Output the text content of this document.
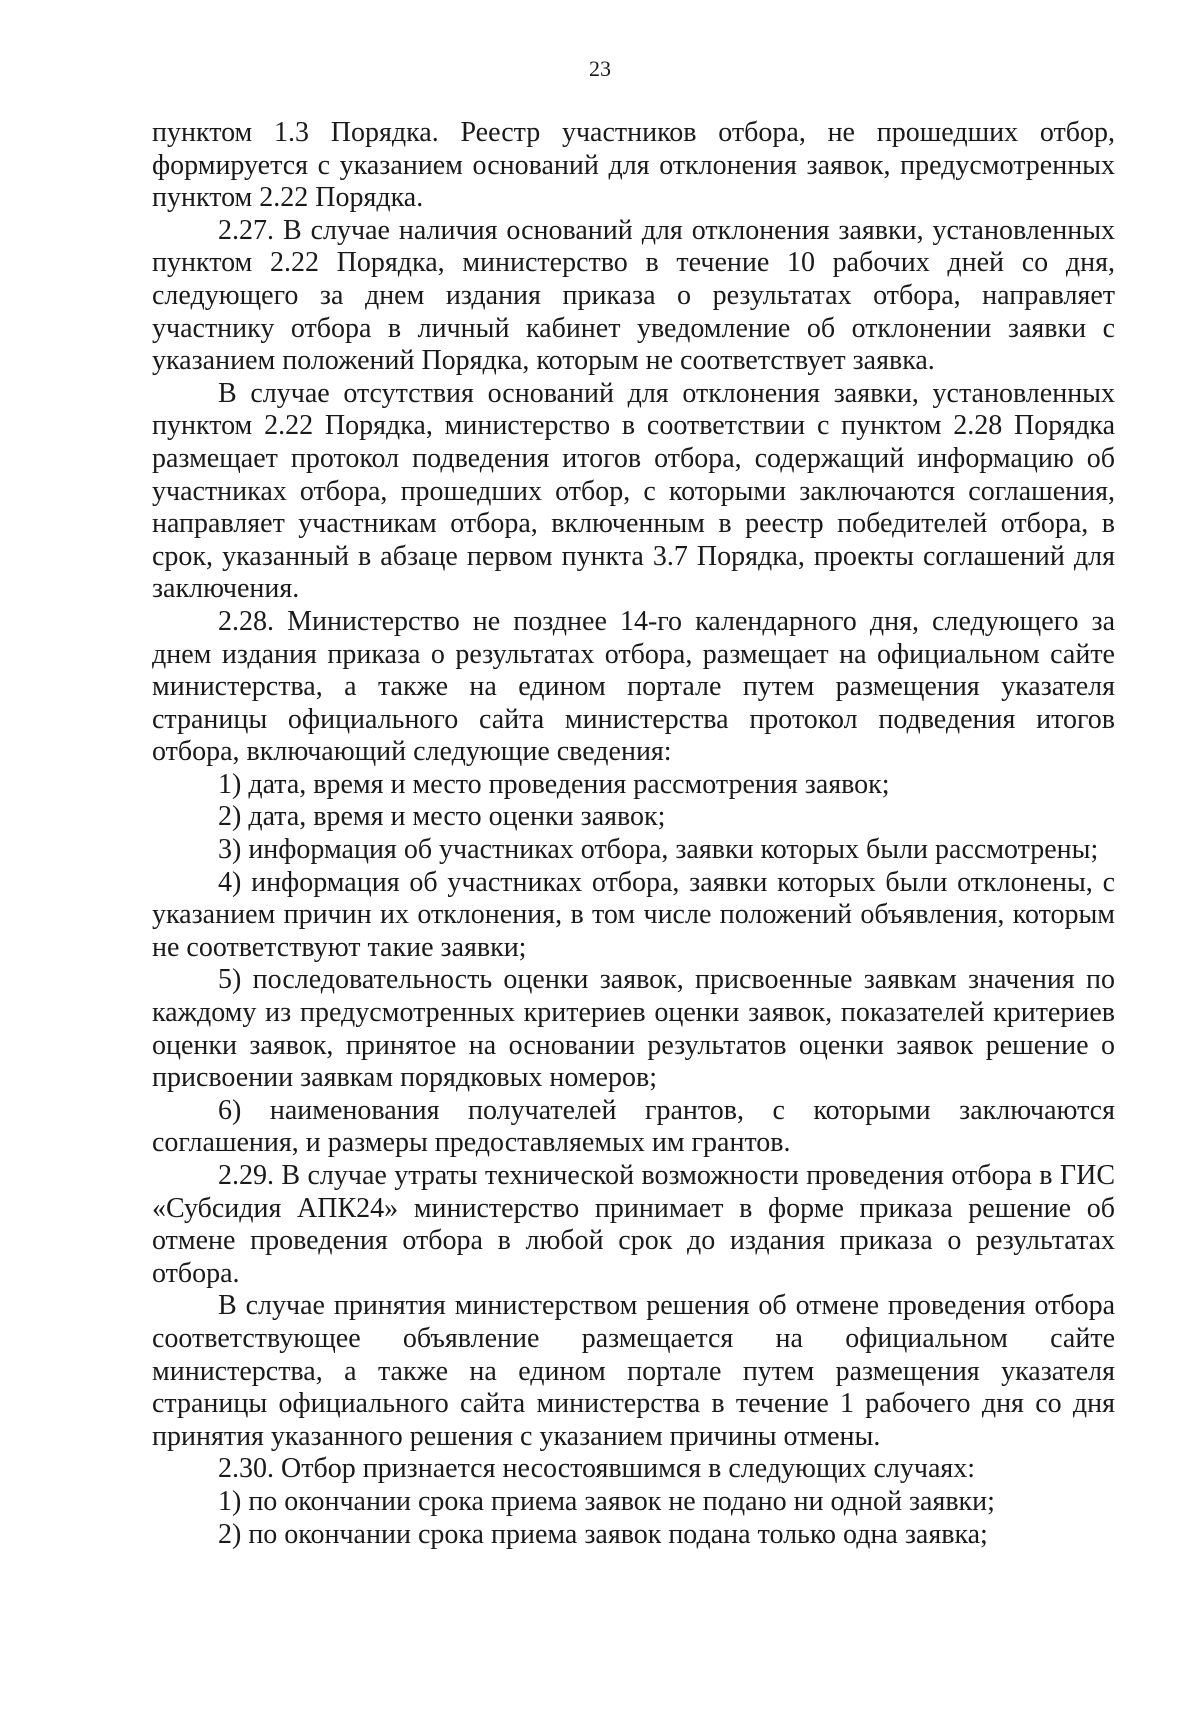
23

пунктом 1.3 Порядка. Реестр участников отбора, не прошедших отбор, формируется с указанием оснований для отклонения заявок, предусмотренных пунктом 2.22 Порядка.

2.27. В случае наличия оснований для отклонения заявки, установленных пунктом 2.22 Порядка, министерство в течение 10 рабочих дней со дня, следующего за днем издания приказа о результатах отбора, направляет участнику отбора в личный кабинет уведомление об отклонении заявки с указанием положений Порядка, которым не соответствует заявка.

В случае отсутствия оснований для отклонения заявки, установленных пунктом 2.22 Порядка, министерство в соответствии с пунктом 2.28 Порядка размещает протокол подведения итогов отбора, содержащий информацию об участниках отбора, прошедших отбор, с которыми заключаются соглашения, направляет участникам отбора, включенным в реестр победителей отбора, в срок, указанный в абзаце первом пункта 3.7 Порядка, проекты соглашений для заключения.

2.28. Министерство не позднее 14-го календарного дня, следующего за днем издания приказа о результатах отбора, размещает на официальном сайте министерства, а также на едином портале путем размещения указателя страницы официального сайта министерства протокол подведения итогов отбора, включающий следующие сведения:

1) дата, время и место проведения рассмотрения заявок;

2) дата, время и место оценки заявок;

3) информация об участниках отбора, заявки которых были рассмотрены;

4) информация об участниках отбора, заявки которых были отклонены, с указанием причин их отклонения, в том числе положений объявления, которым не соответствуют такие заявки;

5) последовательность оценки заявок, присвоенные заявкам значения по каждому из предусмотренных критериев оценки заявок, показателей критериев оценки заявок, принятое на основании результатов оценки заявок решение о присвоении заявкам порядковых номеров;

6) наименования получателей грантов, с которыми заключаются соглашения, и размеры предоставляемых им грантов.

2.29. В случае утраты технической возможности проведения отбора в ГИС «Субсидия АПК24» министерство принимает в форме приказа решение об отмене проведения отбора в любой срок до издания приказа о результатах отбора.

В случае принятия министерством решения об отмене проведения отбора соответствующее объявление размещается на официальном сайте министерства, а также на едином портале путем размещения указателя страницы официального сайта министерства в течение 1 рабочего дня со дня принятия указанного решения с указанием причины отмены.

2.30. Отбор признается несостоявшимся в следующих случаях:

1) по окончании срока приема заявок не подано ни одной заявки;

2) по окончании срока приема заявок подана только одна заявка;
